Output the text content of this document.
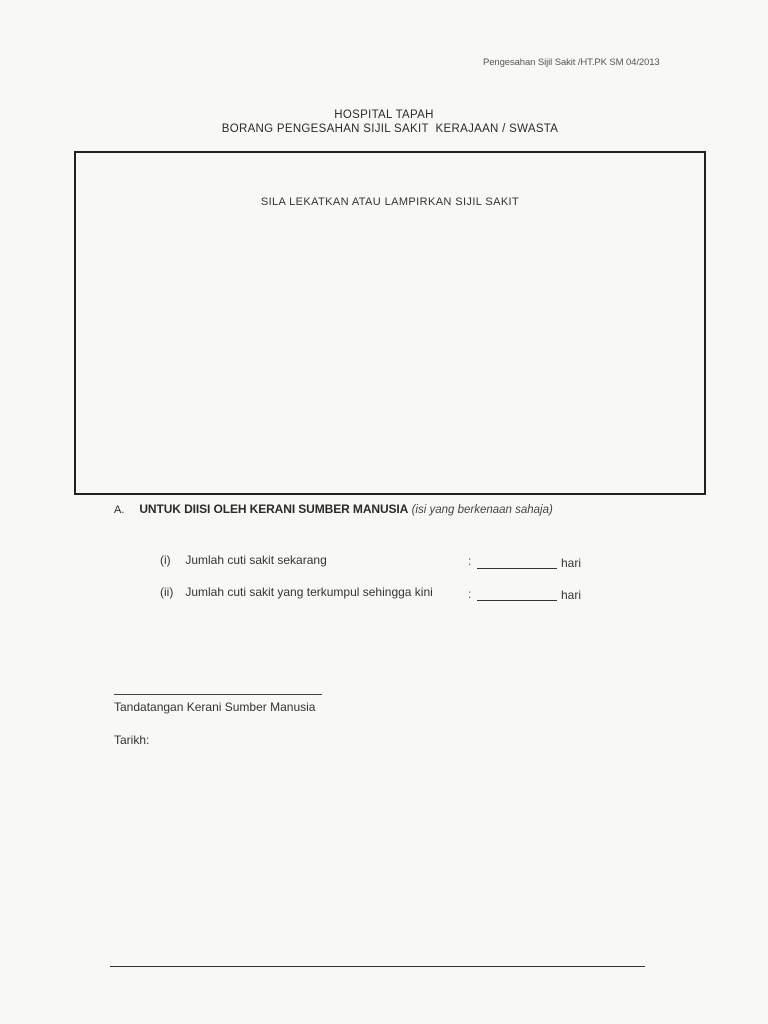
Pengesahan Sijil Sakit /HT.PK SM 04/2013
HOSPITAL TAPAH
BORANG PENGESAHAN SIJIL SAKIT  KERAJAAN / SWASTA
SILA LEKATKAN ATAU LAMPIRKAN SIJIL SAKIT
A. UNTUK DIISI OLEH KERANI SUMBER MANUSIA (isi yang berkenaan sahaja)
(i) Jumlah cuti sakit sekarang	:	hari
(ii) Jumlah cuti sakit yang terkumpul sehingga kini	:	hari
Tandatangan Kerani Sumber Manusia
Tarikh:
